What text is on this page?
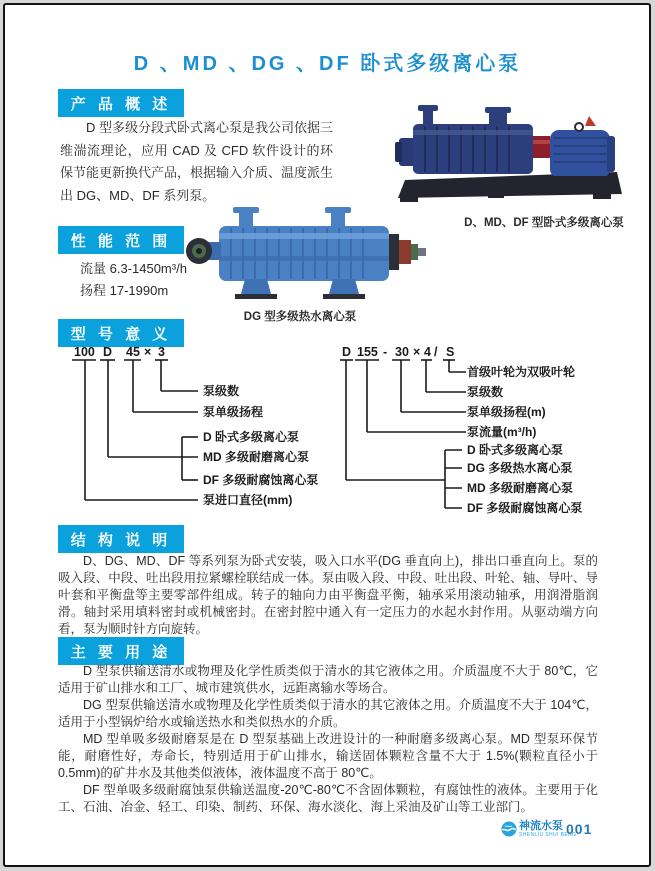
D 、MD 、DG 、DF 卧式多级离心泵
产 品 概 述
D 型多级分段式卧式离心泵是我公司依据三维湍流理论，应用 CAD 及 CFD 软件设计的环保节能更新换代产品，根据输入介质、温度派生出 DG、MD、DF 系列泵。
D、MD、DF 型卧式多级离心泵
性 能 范 围
流量 6.3-1450m³/h
扬程 17-1990m
DG 型多级热水离心泵
型 号 意 义
100 D 45 × 3
泵级数
泵单级扬程
D 卧式多级离心泵
MD 多级耐磨离心泵
DF 多级耐腐蚀离心泵
泵进口直径(mm)
D 155 - 30 × 4 / S
首级叶轮为双吸叶轮
泵级数
泵单级扬程(m)
泵流量(m³/h)
D 卧式多级离心泵
DG 多级热水离心泵
MD 多级耐磨离心泵
DF 多级耐腐蚀离心泵
结 构 说 明

D、DG、MD、DF 等系列泵为卧式安装，吸入口水平(DG 垂直向上)，排出口垂直向上。泵的吸入段、中段、吐出段用拉紧螺栓联结成一体。泵由吸入段、中段、吐出段、叶轮、轴、导叶、导叶套和平衡盘等主要零部件组成。转子的轴向力由平衡盘平衡，轴承采用滚动轴承，用润滑脂润滑。轴封采用填料密封或机械密封。在密封腔中通入有一定压力的水起水封作用。从驱动端方向看，泵为顺时针方向旋转。

主 要 用 途

D 型泵供输送清水或物理及化学性质类似于清水的其它液体之用。介质温度不大于 80℃，它适用于矿山排水和工厂、城市建筑供水，远距离输水等场合。

DG 型泵供输送清水或物理及化学性质类似于清水的其它液体之用。介质温度不大于 104℃，适用于小型锅炉给水或输送热水和类似热水的介质。

MD 型单吸多级耐磨泵是在 D 型泵基础上改进设计的一种耐磨多级离心泵。MD 型泵环保节能，耐磨性好，寿命长，特别适用于矿山排水，输送固体颗粒含量不大于 1.5%(颗粒直径小于 0.5mm)的矿井水及其他类似液体，液体温度不高于 80℃。

DF 型单吸多级耐腐蚀泵供输送温度-20℃-80℃不含固体颗粒，有腐蚀性的液体。主要用于化工、石油、冶金、轻工、印染、制药、环保、海水淡化、海上采油及矿山等工业部门。

神流水泵
SHENLIU SHUI BENG
001
